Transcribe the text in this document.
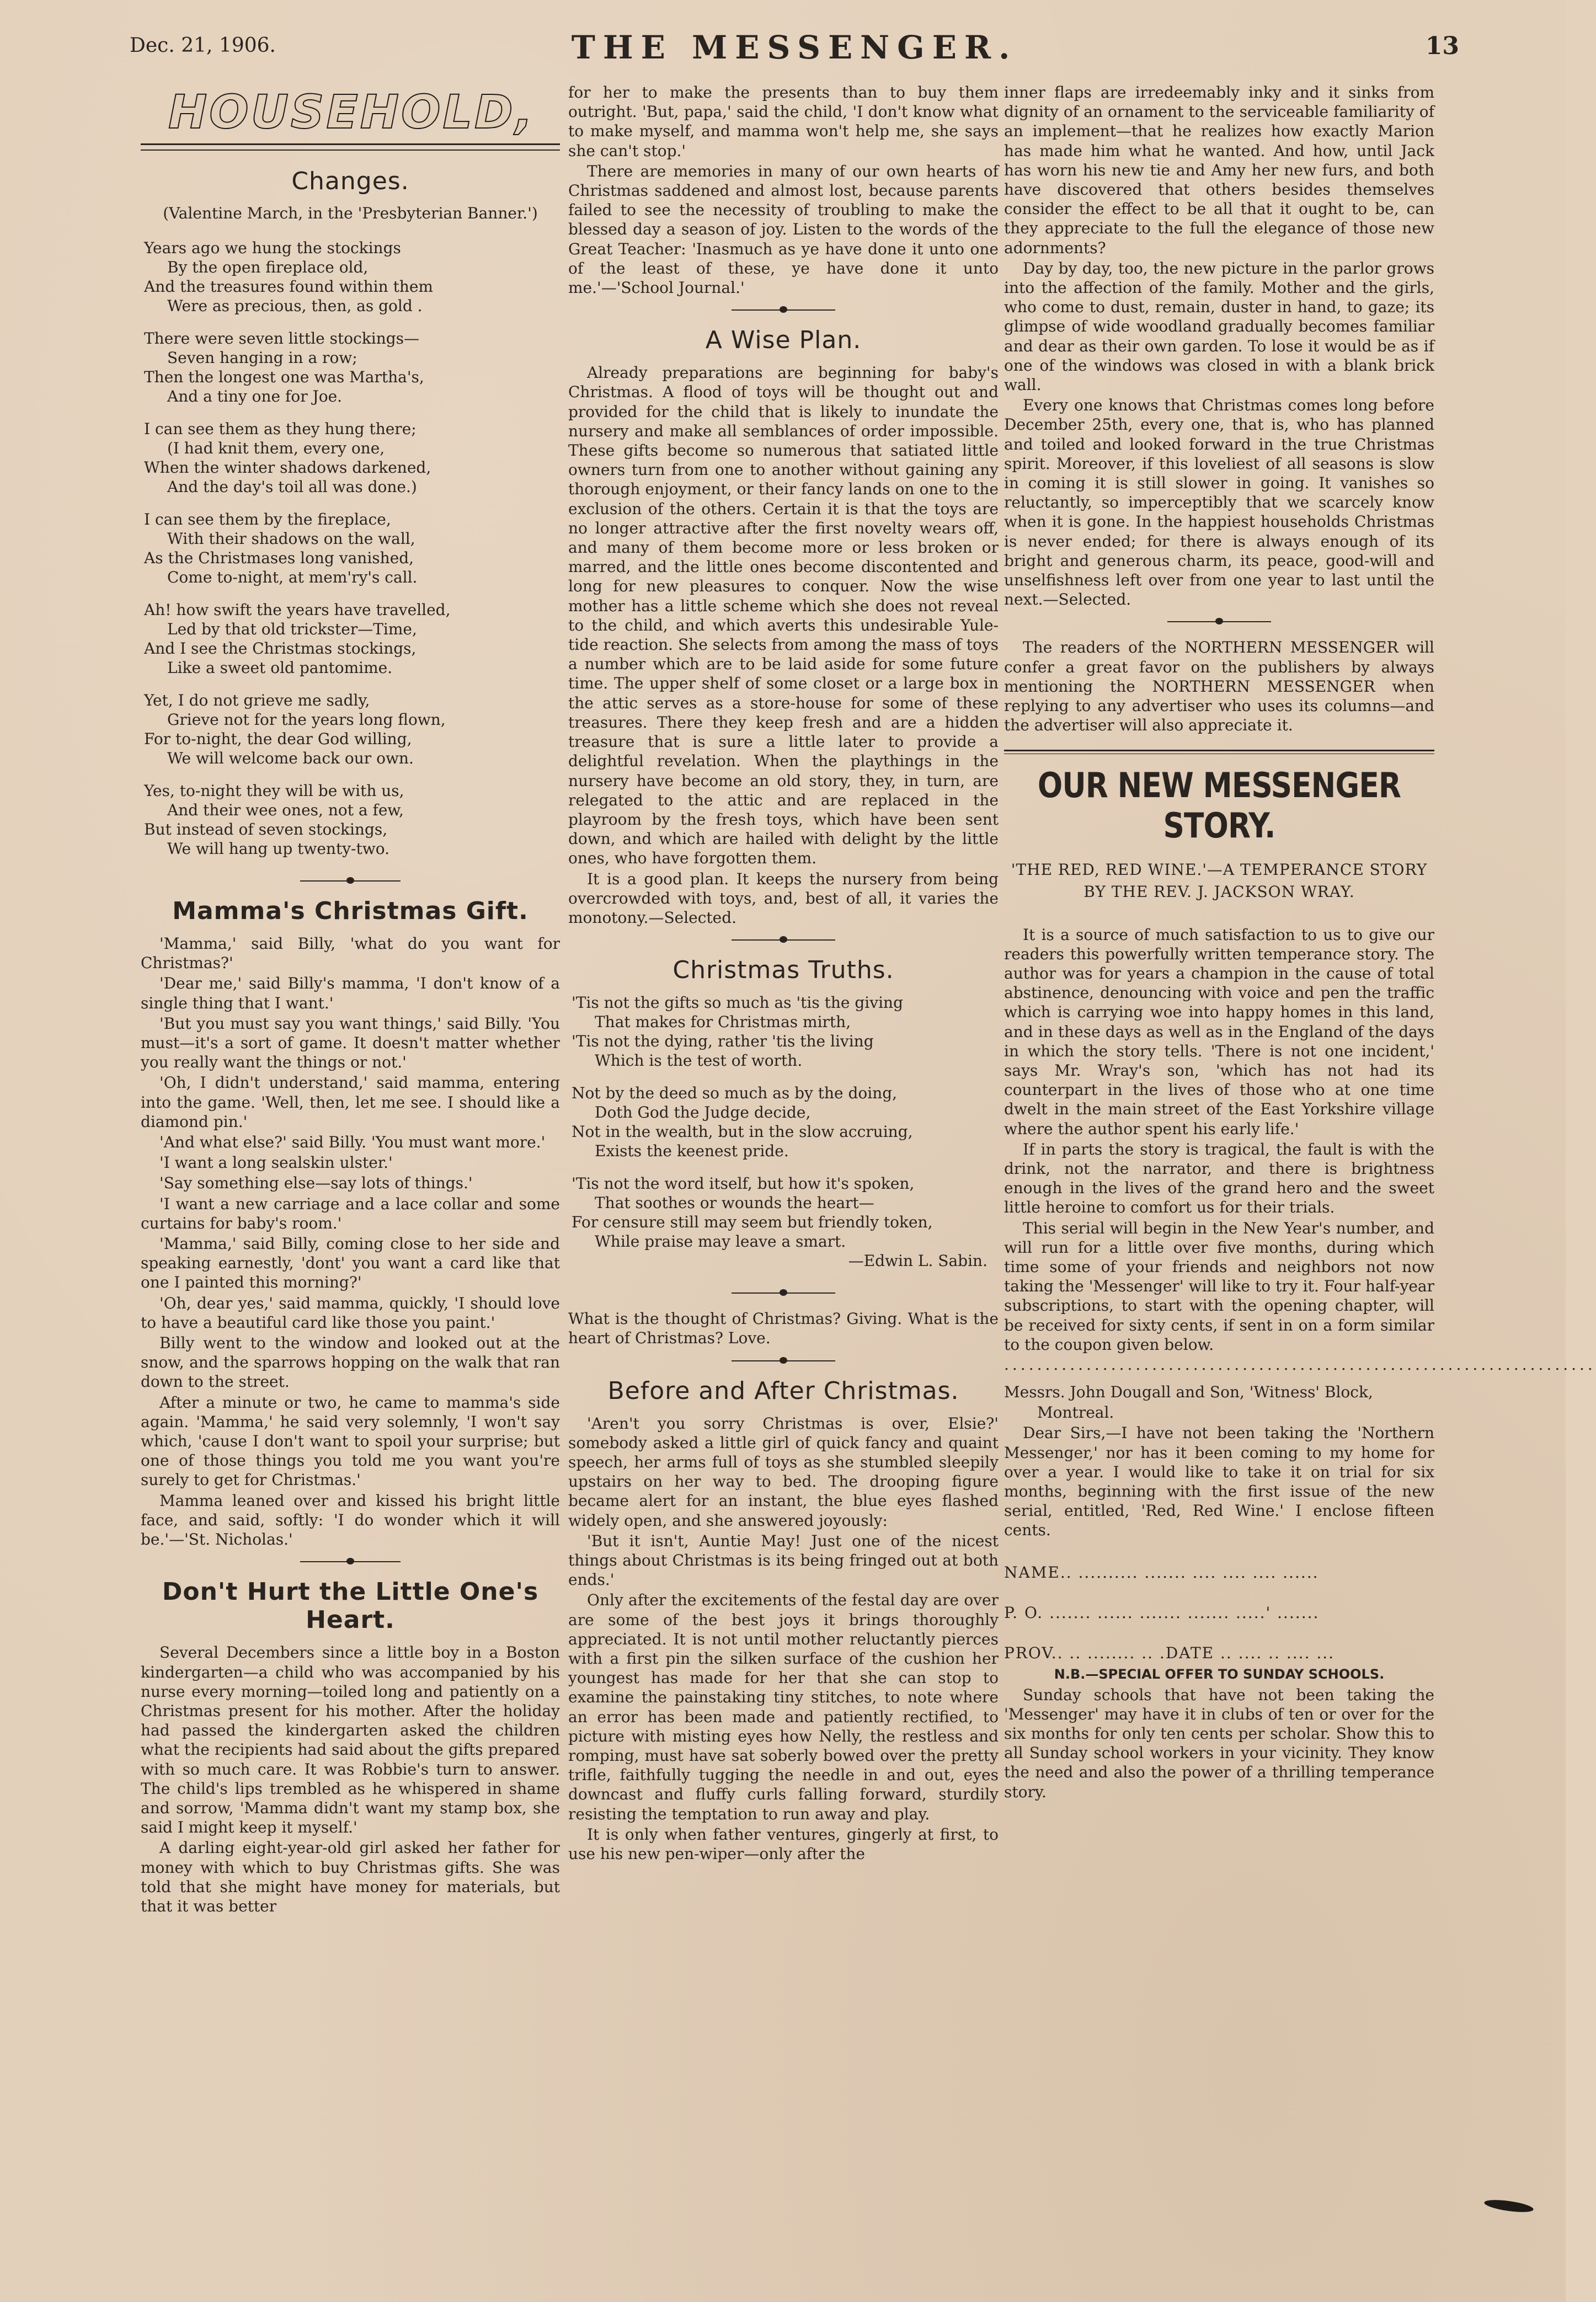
Dec. 21, 1906.	THE MESSENGER.	13
HOUSEHOLD,
Changes.
(Valentine March, in the 'Presbyterian Banner.')
Years ago we hung the stockings
By the open fireplace old,
And the treasures found within them
Were as precious, then, as gold .
There were seven little stockings—
Seven hanging in a row;
Then the longest one was Martha's,
And a tiny one for Joe.
I can see them as they hung there;
(I had knit them, every one,
When the winter shadows darkened,
And the day's toil all was done.)
I can see them by the fireplace,
With their shadows on the wall,
As the Christmases long vanished,
Come to-night, at mem'ry's call.
Ah! how swift the years have travelled,
Led by that old trickster—Time,
And I see the Christmas stockings,
Like a sweet old pantomime.
Yet, I do not grieve me sadly,
Grieve not for the years long flown,
For to-night, the dear God willing,
We will welcome back our own.
Yes, to-night they will be with us,
And their wee ones, not a few,
But instead of seven stockings,
We will hang up twenty-two.
Mamma's Christmas Gift.

'Mamma,' said Billy, 'what do you want for Christmas?'

'Dear me,' said Billy's mamma, 'I don't know of a single thing that I want.'

'But you must say you want things,' said Billy. 'You must—it's a sort of game. It doesn't matter whether you really want the things or not.'

'Oh, I didn't understand,' said mamma, entering into the game. 'Well, then, let me see. I should like a diamond pin.'

'And what else?' said Billy. 'You must want more.'

'I want a long sealskin ulster.'

'Say something else—say lots of things.'

'I want a new carriage and a lace collar and some curtains for baby's room.'

'Mamma,' said Billy, coming close to her side and speaking earnestly, 'dont' you want a card like that one I painted this morning?'

'Oh, dear yes,' said mamma, quickly, 'I should love to have a beautiful card like those you paint.'

Billy went to the window and looked out at the snow, and the sparrows hopping on the walk that ran down to the street.

After a minute or two, he came to mamma's side again. 'Mamma,' he said very solemnly, 'I won't say which, 'cause I don't want to spoil your surprise; but one of those things you told me you want you're surely to get for Christmas.'

Mamma leaned over and kissed his bright little face, and said, softly: 'I do wonder which it will be.'—'St. Nicholas.'

Don't Hurt the Little One's Heart.

Several Decembers since a little boy in a Boston kindergarten—a child who was accompanied by his nurse every morning—toiled long and patiently on a Christmas present for his mother. After the holiday had passed the kindergarten asked the children what the recipients had said about the gifts prepared with so much care. It was Robbie's turn to answer. The child's lips trembled as he whispered in shame and sorrow, 'Mamma didn't want my stamp box, she said I might keep it myself.'

A darling eight-year-old girl asked her father for money with which to buy Christmas gifts. She was told that she might have money for materials, but that it was better

for her to make the presents than to buy them outright. 'But, papa,' said the child, 'I don't know what to make myself, and mamma won't help me, she says she can't stop.'

There are memories in many of our own hearts of Christmas saddened and almost lost, because parents failed to see the necessity of troubling to make the blessed day a season of joy. Listen to the words of the Great Teacher: 'Inasmuch as ye have done it unto one of the least of these, ye have done it unto me.'—'School Journal.'

A Wise Plan.

Already preparations are beginning for baby's Christmas. A flood of toys will be thought out and provided for the child that is likely to inundate the nursery and make all semblances of order impossible. These gifts become so numerous that satiated little owners turn from one to another without gaining any thorough enjoyment, or their fancy lands on one to the exclusion of the others. Certain it is that the toys are no longer attractive after the first novelty wears off, and many of them become more or less broken or marred, and the little ones become discontented and long for new pleasures to conquer. Now the wise mother has a little scheme which she does not reveal to the child, and which averts this undesirable Yule-tide reaction. She selects from among the mass of toys a number which are to be laid aside for some future time. The upper shelf of some closet or a large box in the attic serves as a store-house for some of these treasures. There they keep fresh and are a hidden treasure that is sure a little later to provide a delightful revelation. When the playthings in the nursery have become an old story, they, in turn, are relegated to the attic and are replaced in the playroom by the fresh toys, which have been sent down, and which are hailed with delight by the little ones, who have forgotten them.

It is a good plan. It keeps the nursery from being overcrowded with toys, and, best of all, it varies the monotony.—Selected.

Christmas Truths.
'Tis not the gifts so much as 'tis the giving
That makes for Christmas mirth,
'Tis not the dying, rather 'tis the living
Which is the test of worth.
Not by the deed so much as by the doing,
Doth God the Judge decide,
Not in the wealth, but in the slow accruing,
Exists the keenest pride.
'Tis not the word itself, but how it's spoken,
That soothes or wounds the heart—
For censure still may seem but friendly token,
While praise may leave a smart.
—Edwin L. Sabin.

What is the thought of Christmas? Giving. What is the heart of Christmas? Love.

Before and After Christmas.

'Aren't you sorry Christmas is over, Elsie?' somebody asked a little girl of quick fancy and quaint speech, her arms full of toys as she stumbled sleepily upstairs on her way to bed. The drooping figure became alert for an instant, the blue eyes flashed widely open, and she answered joyously:

'But it isn't, Auntie May! Just one of the nicest things about Christmas is its being fringed out at both ends.'

Only after the excitements of the festal day are over are some of the best joys it brings thoroughly appreciated. It is not until mother reluctantly pierces with a first pin the silken surface of the cushion her youngest has made for her that she can stop to examine the painstaking tiny stitches, to note where an error has been made and patiently rectified, to picture with misting eyes how Nelly, the restless and romping, must have sat soberly bowed over the pretty trifle, faithfully tugging the needle in and out, eyes downcast and fluffy curls falling forward, sturdily resisting the temptation to run away and play.

It is only when father ventures, gingerly at first, to use his new pen-wiper—only after the

inner flaps are irredeemably inky and it sinks from dignity of an ornament to the serviceable familiarity of an implement—that he realizes how exactly Marion has made him what he wanted. And how, until Jack has worn his new tie and Amy her new furs, and both have discovered that others besides themselves consider the effect to be all that it ought to be, can they appreciate to the full the elegance of those new adornments?

Day by day, too, the new picture in the parlor grows into the affection of the family. Mother and the girls, who come to dust, remain, duster in hand, to gaze; its glimpse of wide woodland gradually becomes familiar and dear as their own garden. To lose it would be as if one of the windows was closed in with a blank brick wall.

Every one knows that Christmas comes long before December 25th, every one, that is, who has planned and toiled and looked forward in the true Christmas spirit. Moreover, if this loveliest of all seasons is slow in coming it is still slower in going. It vanishes so reluctantly, so imperceptibly that we scarcely know when it is gone. In the happiest households Christmas is never ended; for there is always enough of its bright and generous charm, its peace, good-will and unselfishness left over from one year to last until the next.—Selected.

The readers of the NORTHERN MESSENGER will confer a great favor on the publishers by always mentioning the NORTHERN MESSENGER when replying to any advertiser who uses its columns—and the advertiser will also appreciate it.

OUR NEW MESSENGER STORY.
'THE RED, RED WINE.'—A TEMPERANCE STORY BY THE REV. J. JACKSON WRAY.

It is a source of much satisfaction to us to give our readers this powerfully written temperance story. The author was for years a champion in the cause of total abstinence, denouncing with voice and pen the traffic which is carrying woe into happy homes in this land, and in these days as well as in the England of the days in which the story tells. 'There is not one incident,' says Mr. Wray's son, 'which has not had its counterpart in the lives of those who at one time dwelt in the main street of the East Yorkshire village where the author spent his early life.'

If in parts the story is tragical, the fault is with the drink, not the narrator, and there is brightness enough in the lives of the grand hero and the sweet little heroine to comfort us for their trials.

This serial will begin in the New Year's number, and will run for a little over five months, during which time some of your friends and neighbors not now taking the 'Messenger' will like to try it. Four half-year subscriptions, to start with the opening chapter, will be received for sixty cents, if sent in on a form similar to the coupon given below.

........................................................................

Messrs. John Dougall and Son, 'Witness' Block,

Montreal.

Dear Sirs,—I have not been taking the 'Northern Messenger,' nor has it been coming to my home for over a year. I would like to take it on trial for six months, beginning with the first issue of the new serial, entitled, 'Red, Red Wine.' I enclose fifteen cents.

NAME.. .......... ....... .... .... .... ......
P. O. ....... ...... ....... ....... .....' .......
PROV.. .. ........ .. .DATE .. .... .. .... ...
N.B.—SPECIAL OFFER TO SUNDAY SCHOOLS.

Sunday schools that have not been taking the 'Messenger' may have it in clubs of ten or over for the six months for only ten cents per scholar. Show this to all Sunday school workers in your vicinity. They know the need and also the power of a thrilling temperance story.
